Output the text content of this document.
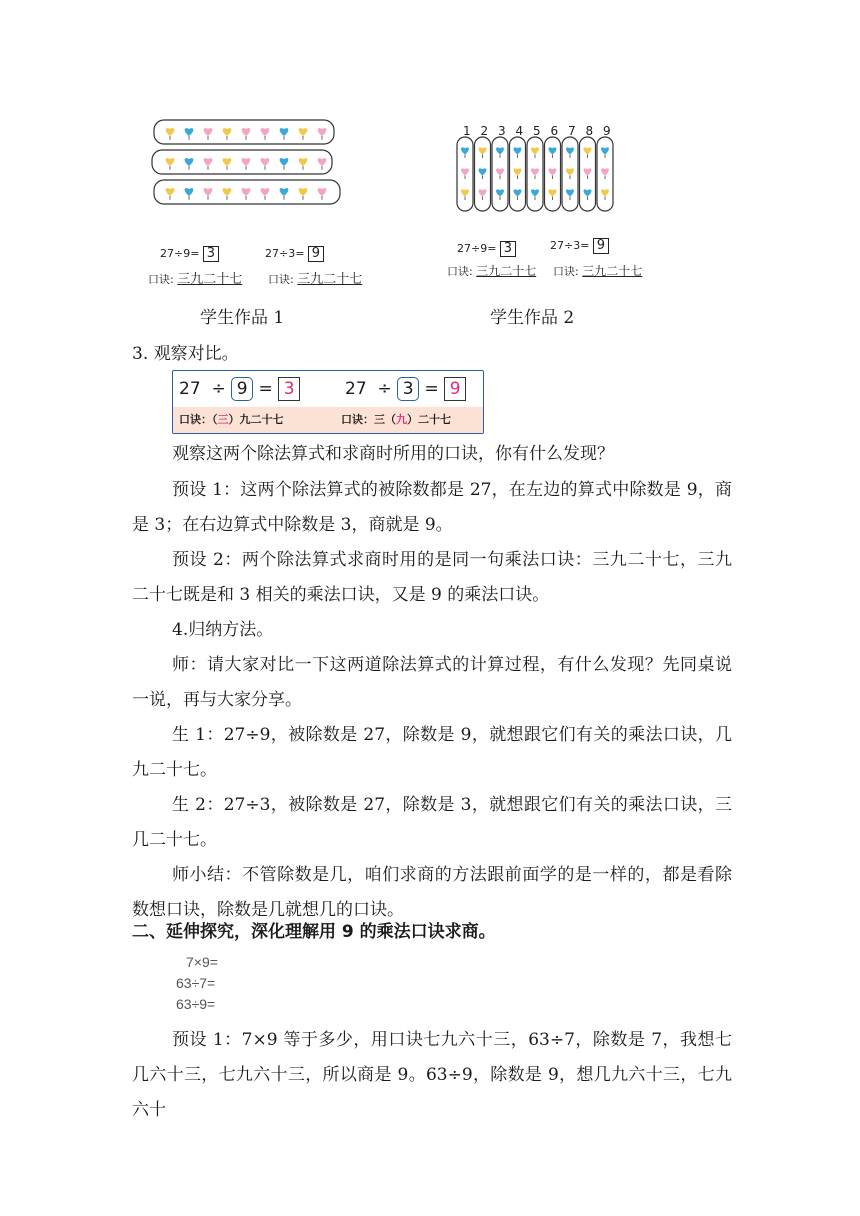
27÷9= 3	27÷3= 9
口诀: 三九二十七 口诀: 三九二十七
1 2 3 4 5 6 7 8 9
27÷9= 3	27÷3= 9
口诀: 三九二十七 口诀: 三九二十七
学生作品 1	学生作品 2
3. 观察对比。
27 ÷ 9 = 3	27 ÷ 3 = 9
口诀：（三）九二十七	口诀：三（九）二十七

观察这两个除法算式和求商时所用的口诀，你有什么发现？

预设 1：这两个除法算式的被除数都是 27，在左边的算式中除数是 9，商是 3；在右边算式中除数是 3，商就是 9。

预设 2：两个除法算式求商时用的是同一句乘法口诀：三九二十七，三九二十七既是和 3 相关的乘法口诀，又是 9 的乘法口诀。

4.归纳方法。

师：请大家对比一下这两道除法算式的计算过程，有什么发现？先同桌说一说，再与大家分享。

生 1：27÷9，被除数是 27，除数是 9，就想跟它们有关的乘法口诀，几九二十七。

生 2：27÷3，被除数是 27，除数是 3，就想跟它们有关的乘法口诀，三几二十七。

师小结：不管除数是几，咱们求商的方法跟前面学的是一样的，都是看除数想口诀，除数是几就想几的口诀。

二、延伸探究，深化理解用 9 的乘法口诀求商。
7×9=
63÷7=
63÷9=

预设 1：7×9 等于多少，用口诀七九六十三，63÷7，除数是 7，我想七几六十三，七九六十三，所以商是 9。63÷9，除数是 9，想几九六十三，七九六十
